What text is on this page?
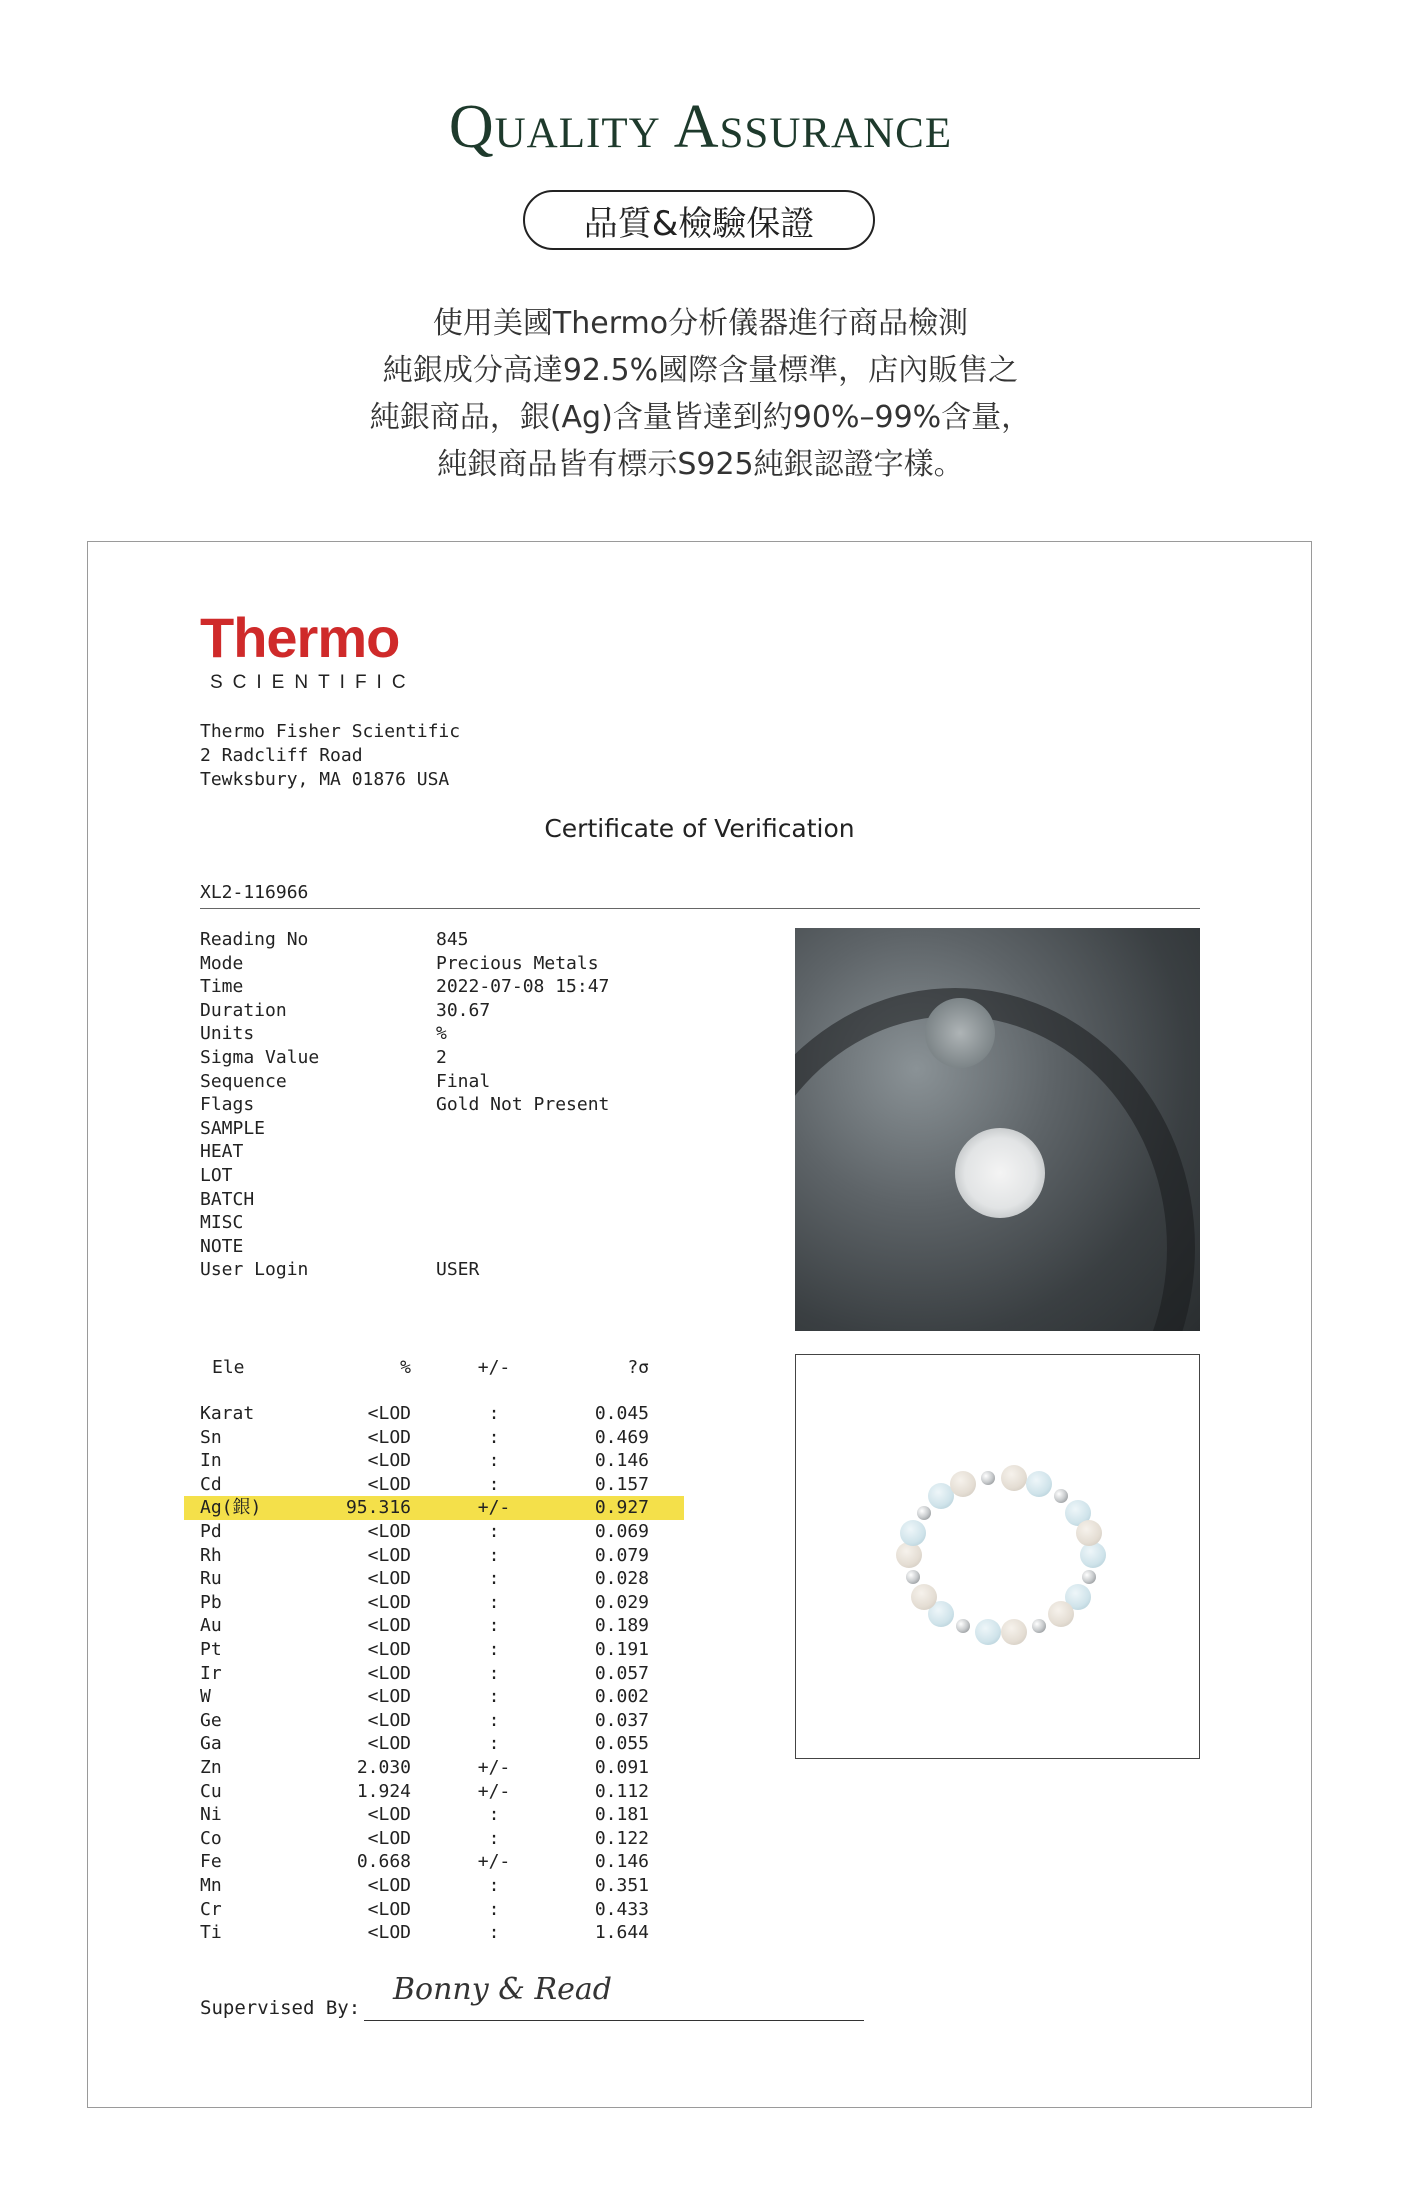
Quality Assurance
品質&檢驗保證
使用美國Thermo分析儀器進行商品檢測
純銀成分高達92.5%國際含量標準，店內販售之
純銀商品，銀(Ag)含量皆達到約90%–99%含量，
純銀商品皆有標示S925純銀認證字樣。
Thermo
SCIENTIFIC
Thermo Fisher Scientific
2 Radcliff Road
Tewksbury, MA 01876 USA
Certificate of Verification
XL2-116966
Reading No	845
Mode	Precious Metals
Time	2022-07-08 15:47
Duration	30.67
Units	%
Sigma Value	2
Sequence	Final
Flags	Gold Not Present
SAMPLE
HEAT
LOT
BATCH
MISC
NOTE
User Login	USER
Ele	%	+/-	?σ
Karat	<LOD	:	0.045
Sn	<LOD	:	0.469
In	<LOD	:	0.146
Cd	<LOD	:	0.157
Ag(銀)	95.316	+/-	0.927
Pd	<LOD	:	0.069
Rh	<LOD	:	0.079
Ru	<LOD	:	0.028
Pb	<LOD	:	0.029
Au	<LOD	:	0.189
Pt	<LOD	:	0.191
Ir	<LOD	:	0.057
W	<LOD	:	0.002
Ge	<LOD	:	0.037
Ga	<LOD	:	0.055
Zn	2.030	+/-	0.091
Cu	1.924	+/-	0.112
Ni	<LOD	:	0.181
Co	<LOD	:	0.122
Fe	0.668	+/-	0.146
Mn	<LOD	:	0.351
Cr	<LOD	:	0.433
Ti	<LOD	:	1.644
Supervised By:
Bonny & Read
